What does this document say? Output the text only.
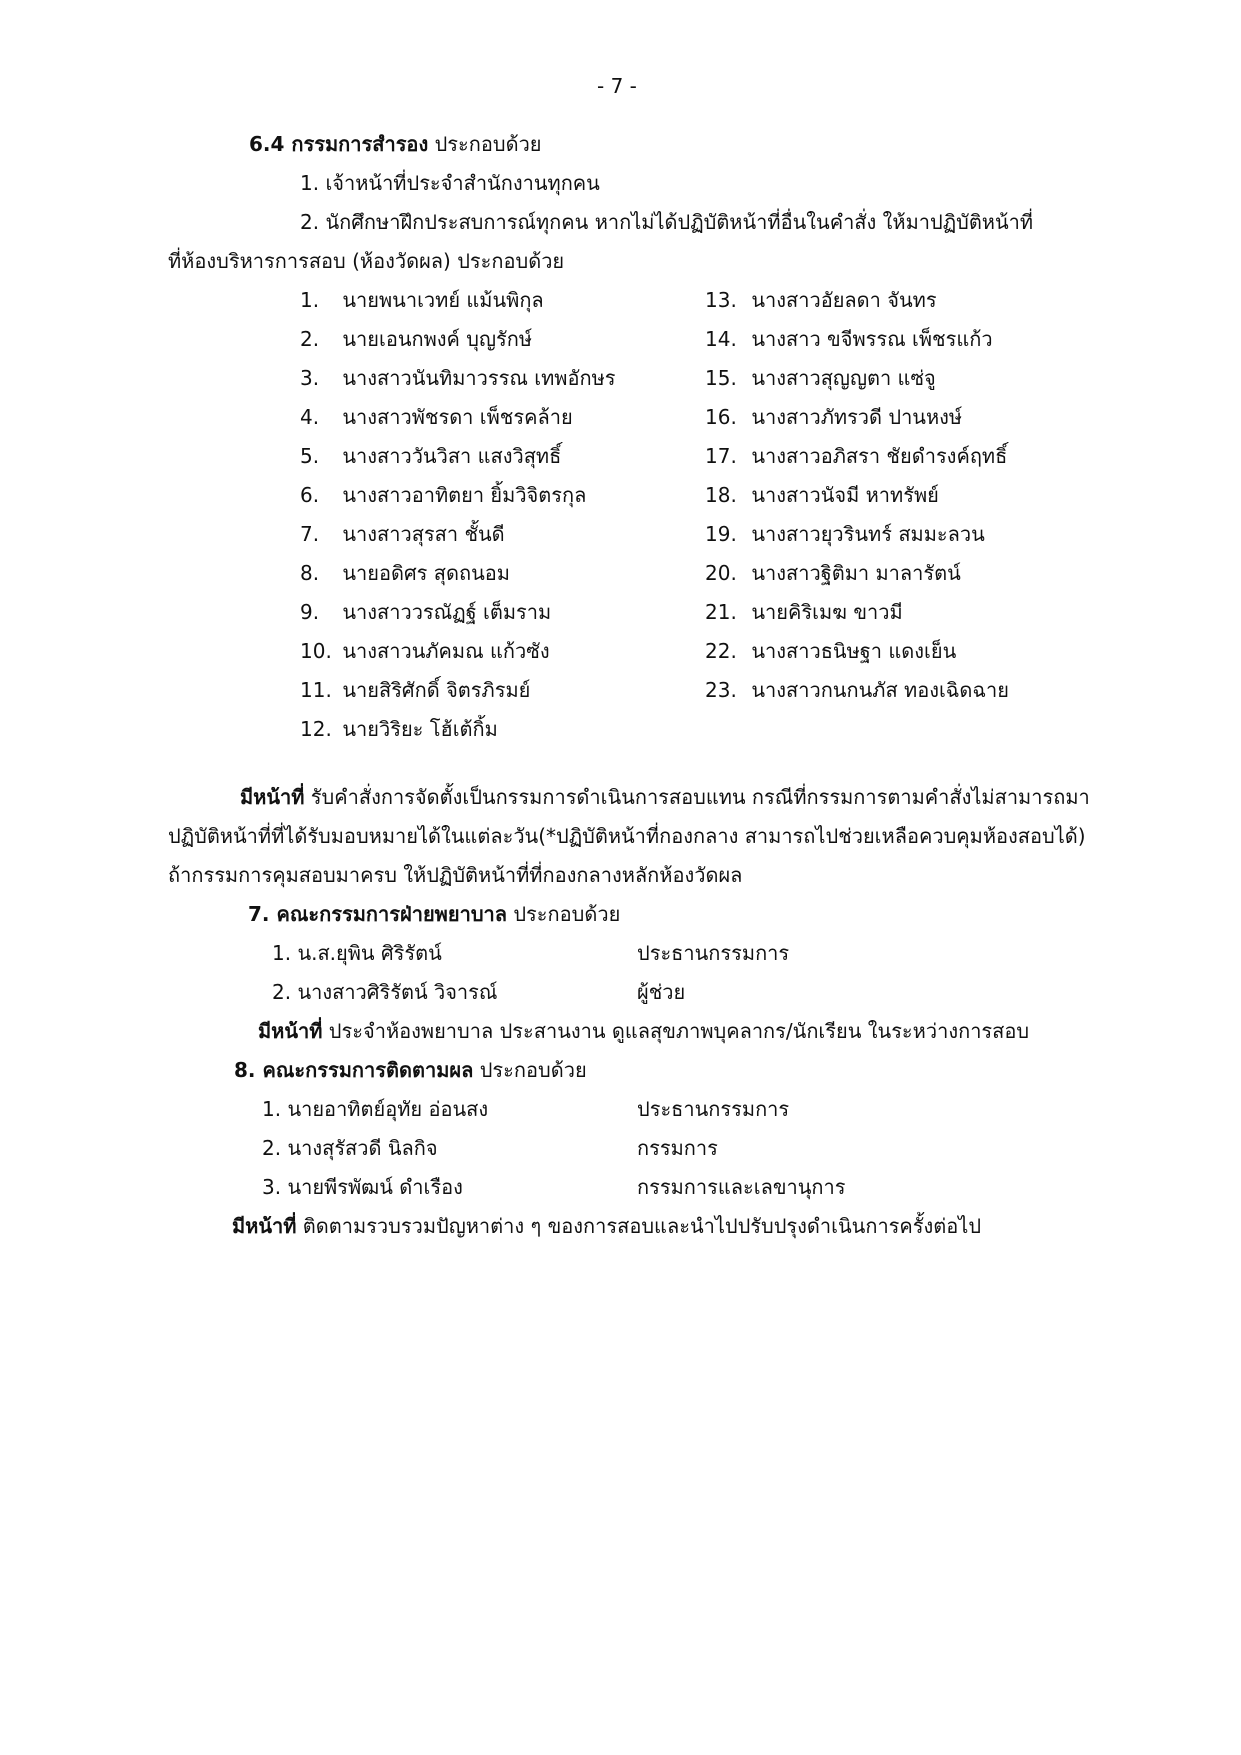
- 7 -
6.4 กรรมการสำรอง ประกอบด้วย
1. เจ้าหน้าที่ประจำสำนักงานทุกคน
2. นักศึกษาฝึกประสบการณ์ทุกคน หากไม่ได้ปฏิบัติหน้าที่อื่นในคำสั่ง ให้มาปฏิบัติหน้าที่
ที่ห้องบริหารการสอบ (ห้องวัดผล) ประกอบด้วย
1. นายพนาเวทย์ แม้นพิกุล
2. นายเอนกพงค์ บุญรักษ์
3. นางสาวนันทิมาวรรณ เทพอักษร
4. นางสาวพัชรดา เพ็ชรคล้าย
5. นางสาววันวิสา แสงวิสุทธิ์
6. นางสาวอาทิตยา ยิ้มวิจิตรกุล
7. นางสาวสุรสา ชั้นดี
8. นายอดิศร สุดถนอม
9. นางสาววรณัฏฐ์ เต็มราม
10. นางสาวนภัคมณ แก้วซัง
11. นายสิริศักดิ์ จิตรภิรมย์
12. นายวิริยะ โฮ้เต้กิ้ม
13. นางสาวอัยลดา จันทร
14. นางสาว ขจีพรรณ เพ็ชรแก้ว
15. นางสาวสุญญตา แซ่จู
16. นางสาวภัทรวดี ปานหงษ์
17. นางสาวอภิสรา ชัยดำรงค์ฤทธิ์
18. นางสาวนัจมี หาทรัพย์
19. นางสาวยุวรินทร์ สมมะลวน
20. นางสาวฐิติมา มาลารัตน์
21. นายคิริเมฆ ขาวมี
22. นางสาวธนิษฐา แดงเย็น
23. นางสาวกนกนภัส ทองเฉิดฉาย
มีหน้าที่ รับคำสั่งการจัดตั้งเป็นกรรมการดำเนินการสอบแทน กรณีที่กรรมการตามคำสั่งไม่สามารถมา
ปฏิบัติหน้าที่ที่ได้รับมอบหมายได้ในแต่ละวัน(*ปฏิบัติหน้าที่กองกลาง สามารถไปช่วยเหลือควบคุมห้องสอบได้)
ถ้ากรรมการคุมสอบมาครบ ให้ปฏิบัติหน้าที่ที่กองกลางหลักห้องวัดผล
7. คณะกรรมการฝ่ายพยาบาล ประกอบด้วย
1. น.ส.ยุพิน ศิริรัตน์	ประธานกรรมการ
2. นางสาวศิริรัตน์ วิจารณ์	ผู้ช่วย
มีหน้าที่ ประจำห้องพยาบาล ประสานงาน ดูแลสุขภาพบุคลากร/นักเรียน ในระหว่างการสอบ
8. คณะกรรมการติดตามผล ประกอบด้วย
1. นายอาทิตย์อุทัย อ่อนสง	ประธานกรรมการ
2. นางสุรัสวดี นิลกิจ	กรรมการ
3. นายพีรพัฒน์ ดำเรือง	กรรมการและเลขานุการ
มีหน้าที่ ติดตามรวบรวมปัญหาต่าง ๆ ของการสอบและนำไปปรับปรุงดำเนินการครั้งต่อไป
